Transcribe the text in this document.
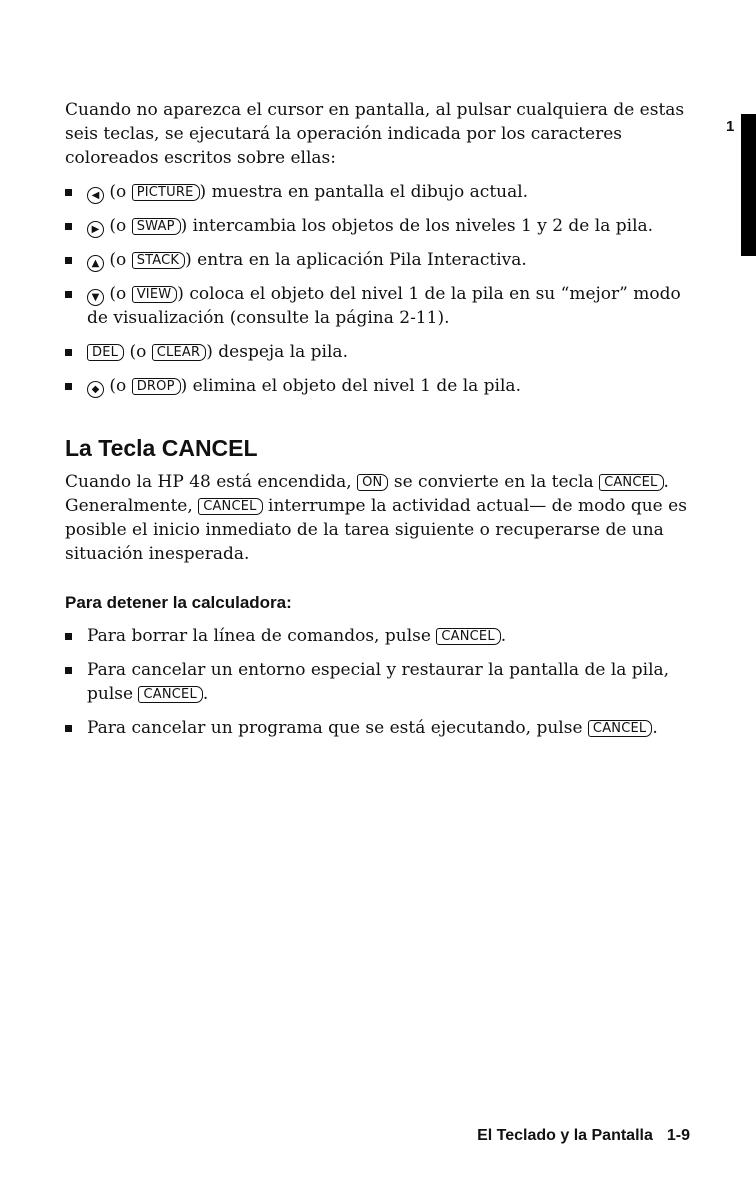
1

Cuando no aparezca el cursor en pantalla, al pulsar cualquiera de estas seis teclas, se ejecutará la operación indicada por los caracteres coloreados escritos sobre ellas:

◀ (o PICTURE ) muestra en pantalla el dibujo actual.
▶ (o SWAP ) intercambia los objetos de los niveles 1 y 2 de la pila.
▲ (o STACK ) entra en la aplicación Pila Interactiva.
▼ (o VIEW ) coloca el objeto del nivel 1 de la pila en su “mejor” modo de visualización (consulte la página 2-11).
DEL (o CLEAR ) despeja la pila.
◆ (o DROP ) elimina el objeto del nivel 1 de la pila.
La Tecla CANCEL

Cuando la HP 48 está encendida, ON se convierte en la tecla CANCEL . Generalmente, CANCEL interrumpe la actividad actual— de modo que es posible el inicio inmediato de la tarea siguiente o recuperarse de una situación inesperada.

Para detener la calculadora:
Para borrar la línea de comandos, pulse CANCEL .
Para cancelar un entorno especial y restaurar la pantalla de la pila, pulse CANCEL .
Para cancelar un programa que se está ejecutando, pulse CANCEL .
El Teclado y la Pantalla 1-9
